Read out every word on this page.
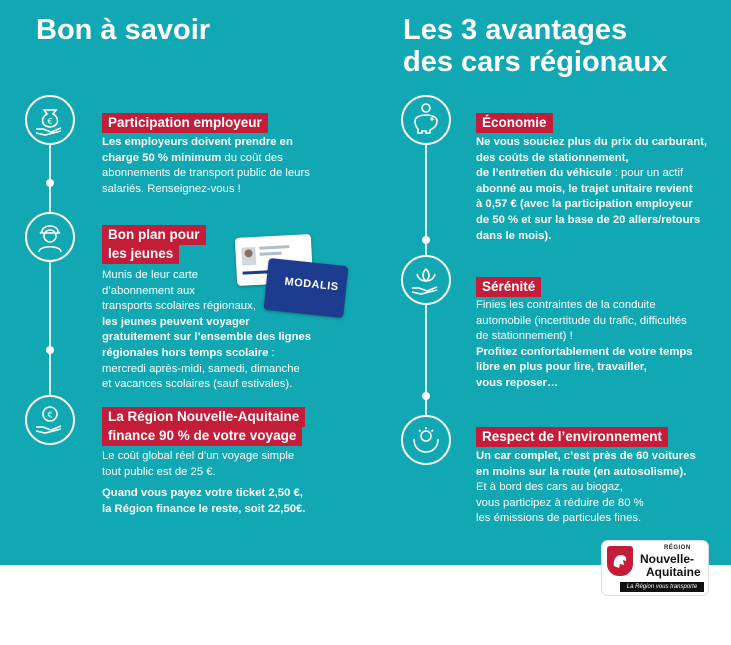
Bon à savoir	Les 3 avantages
des cars régionaux
€
€
Participation employeur
Les employeurs doivent prendre en
charge 50 % minimum du coût des
abonnements de transport public de leurs
salariés. Renseignez-vous !
Bon plan pour
les jeunes
MODALIS
Munis de leur carte
d’abonnement aux
transports scolaires régionaux,
les jeunes peuvent voyager
gratuitement sur l’ensemble des lignes
régionales hors temps scolaire :
mercredi après-midi, samedi, dimanche
et vacances scolaires (sauf estivales).
La Région Nouvelle-Aquitaine
finance 90 % de votre voyage
Le coût global réel d’un voyage simple
tout public est de 25 €.
Quand vous payez votre ticket 2,50 €,
la Région finance le reste, soit 22,50€.
Économie
Ne vous souciez plus du prix du carburant,
des coûts de stationnement,
de l’entretien du véhicule : pour un actif
abonné au mois, le trajet unitaire revient
à 0,57 € (avec la participation employeur
de 50 % et sur la base de 20 allers/retours
dans le mois).
Sérénité
Finies les contraintes de la conduite
automobile (incertitude du trafic, difficultés
de stationnement) !
Profitez confortablement de votre temps
libre en plus pour lire, travailler,
vous reposer…
Respect de l’environnement
Un car complet, c’est près de 60 voitures
en moins sur la route (en autosolisme).
Et à bord des cars au biogaz,
vous participez à réduire de 80 %
les émissions de particules fines.
RÉGION
Nouvelle-
Aquitaine
La Région vous transporte
